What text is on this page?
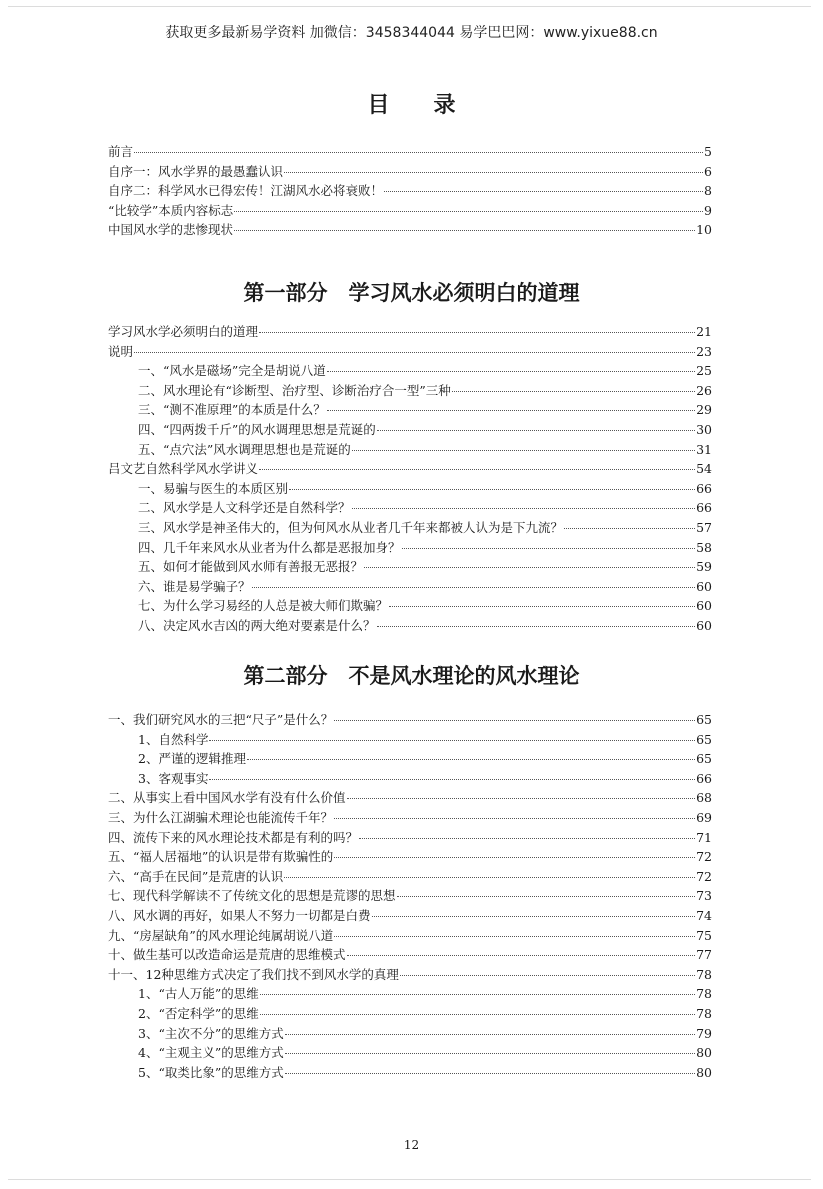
获取更多最新易学资料 加微信：3458344044 易学巴巴网：www.yixue88.cn
目录
前言	5
自序一：风水学界的最愚蠢认识	6
自序二：科学风水已得宏传！江湖风水必将衰败！	8
“比较学”本质内容标志	9
中国风水学的悲惨现状	10
第一部分　学习风水必须明白的道理
学习风水学必须明白的道理	21
说明	23
一、“风水是磁场”完全是胡说八道	25
二、风水理论有“诊断型、治疗型、诊断治疗合一型”三种	26
三、“测不准原理”的本质是什么？	29
四、“四两拨千斤”的风水调理思想是荒诞的	30
五、“点穴法”风水调理思想也是荒诞的	31
吕文艺自然科学风水学讲义	54
一、易骗与医生的本质区别	66
二、风水学是人文科学还是自然科学？	66
三、风水学是神圣伟大的，但为何风水从业者几千年来都被人认为是下九流？	57
四、几千年来风水从业者为什么都是恶报加身？	58
五、如何才能做到风水师有善报无恶报？	59
六、谁是易学骗子？	60
七、为什么学习易经的人总是被大师们欺骗？	60
八、决定风水吉凶的两大绝对要素是什么？	60
第二部分　不是风水理论的风水理论
一、我们研究风水的三把“尺子”是什么？	65
1、自然科学	65
2、严谨的逻辑推理	65
3、客观事实	66
二、从事实上看中国风水学有没有什么价值	68
三、为什么江湖骗术理论也能流传千年？	69
四、流传下来的风水理论技术都是有利的吗？	71
五、“福人居福地”的认识是带有欺骗性的	72
六、“高手在民间”是荒唐的认识	72
七、现代科学解读不了传统文化的思想是荒谬的思想	73
八、风水调的再好，如果人不努力一切都是白费	74
九、“房屋缺角”的风水理论纯属胡说八道	75
十、做生基可以改造命运是荒唐的思维模式	77
十一、12种思维方式决定了我们找不到风水学的真理	78
1、“古人万能”的思维	78
2、“否定科学”的思维	78
3、“主次不分”的思维方式	79
4、“主观主义”的思维方式	80
5、“取类比象”的思维方式	80
12
